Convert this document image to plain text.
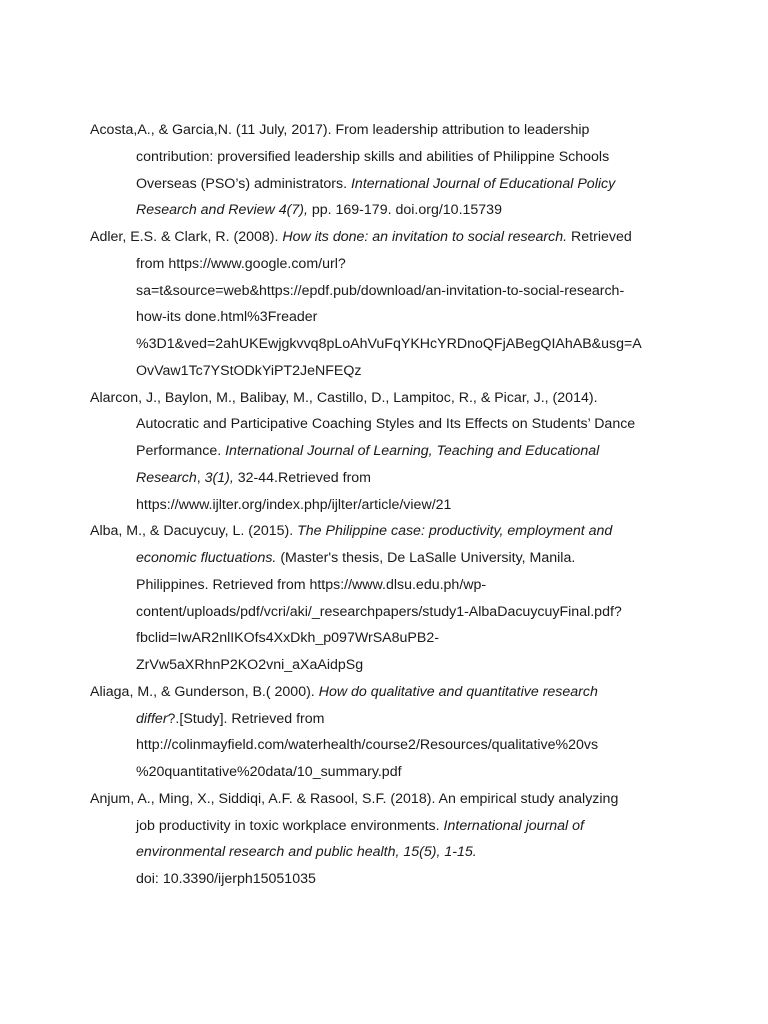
Acosta,A., & Garcia,N. (11 July, 2017). From leadership attribution to leadership
contribution: proversified leadership skills and abilities of Philippine Schools
Overseas (PSO’s) administrators. International Journal of Educational Policy
Research and Review 4(7), pp. 169-179. doi.org/10.15739
Adler, E.S. & Clark, R. (2008). How its done: an invitation to social research. Retrieved
from https://www.google.com/url?
sa=t&source=web&https://epdf.pub/download/an-invitation-to-social-research-
how-its done.html%3Freader
%3D1&ved=2ahUKEwjgkvvq8pLoAhVuFqYKHcYRDnoQFjABegQIAhAB&usg=A
OvVaw1Tc7YStODkYiPT2JeNFEQz
Alarcon, J., Baylon, M., Balibay, M., Castillo, D., Lampitoc, R., & Picar, J., (2014).
Autocratic and Participative Coaching Styles and Its Effects on Students’ Dance
Performance. International Journal of Learning, Teaching and Educational
Research, 3(1), 32-44.Retrieved from
https://www.ijlter.org/index.php/ijlter/article/view/21
Alba, M., & Dacuycuy, L. (2015). The Philippine case: productivity, employment and
economic fluctuations. (Master's thesis, De LaSalle University, Manila.
Philippines. Retrieved from https://www.dlsu.edu.ph/wp-
content/uploads/pdf/vcri/aki/_researchpapers/study1-AlbaDacuycuyFinal.pdf?
fbclid=IwAR2nlIKOfs4XxDkh_p097WrSA8uPB2-
ZrVw5aXRhnP2KO2vni_aXaAidpSg
Aliaga, M., & Gunderson, B.( 2000). How do qualitative and quantitative research
differ?.[Study]. Retrieved from
http://colinmayfield.com/waterhealth/course2/Resources/qualitative%20vs
%20quantitative%20data/10_summary.pdf
Anjum, A., Ming, X., Siddiqi, A.F. & Rasool, S.F. (2018). An empirical study analyzing
job productivity in toxic workplace environments. International journal of
environmental research and public health, 15(5), 1-15.
doi: 10.3390/ijerph15051035
